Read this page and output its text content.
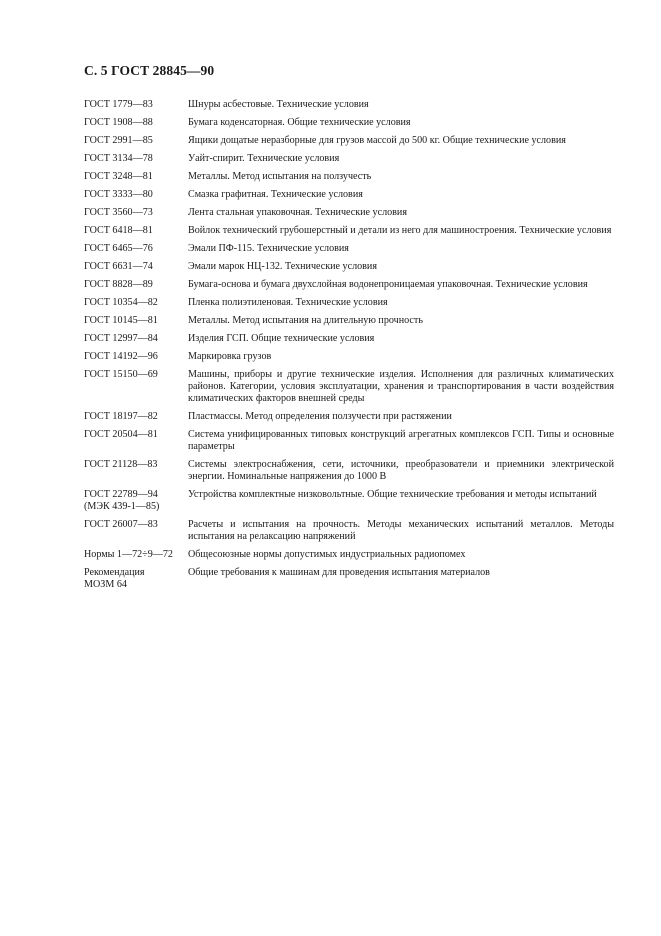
С. 5 ГОСТ 28845—90
ГОСТ 1779—83	Шнуры асбестовые. Технические условия

ГОСТ 1908—88	Бумага коденсаторная. Общие технические условия

ГОСТ 2991—85	Ящики дощатые неразборные для грузов массой до 500 кг. Общие технические условия

ГОСТ 3134—78	Уайт-спирит. Технические условия

ГОСТ 3248—81	Металлы. Метод испытания на ползучесть

ГОСТ 3333—80	Смазка графитная. Технические условия

ГОСТ 3560—73	Лента стальная упаковочная. Технические условия

ГОСТ 6418—81	Войлок технический грубошерстный и детали из него для машиностроения. Технические условия

ГОСТ 6465—76	Эмали ПФ-115. Технические условия

ГОСТ 6631—74	Эмали марок НЦ-132. Технические условия

ГОСТ 8828—89	Бумага-основа и бумага двухслойная водонепроницаемая упаковочная. Технические условия

ГОСТ 10354—82	Пленка полиэтиленовая. Технические условия

ГОСТ 10145—81	Металлы. Метод испытания на длительную прочность

ГОСТ 12997—84	Изделия ГСП. Общие технические условия

ГОСТ 14192—96	Маркировка грузов

ГОСТ 15150—69	Машины, приборы и другие технические изделия. Исполнения для различных климатических районов. Категории, условия эксплуатации, хранения и транспортирования в части воздействия климатических факторов внешней среды

ГОСТ 18197—82	Пластмассы. Метод определения ползучести при растяжении

ГОСТ 20504—81	Система унифицированных типовых конструкций агрегатных комплексов ГСП. Типы и основные параметры

ГОСТ 21128—83	Системы электроснабжения, сети, источники, преобразователи и приемники электрической энергии. Номинальные напряжения до 1000 В

ГОСТ 22789—94
(МЭК 439-1—85)	Устройства комплектные низковольтные. Общие технические требования и методы испытаний

ГОСТ 26007—83	Расчеты и испытания на прочность. Методы механических испытаний металлов. Методы испытания на релаксацию напряжений

Нормы 1—72÷9—72	Общесоюзные нормы допустимых индустриальных радиопомех

Рекомендация
МОЗМ 64	Общие требования к машинам для проведения испытания материалов
